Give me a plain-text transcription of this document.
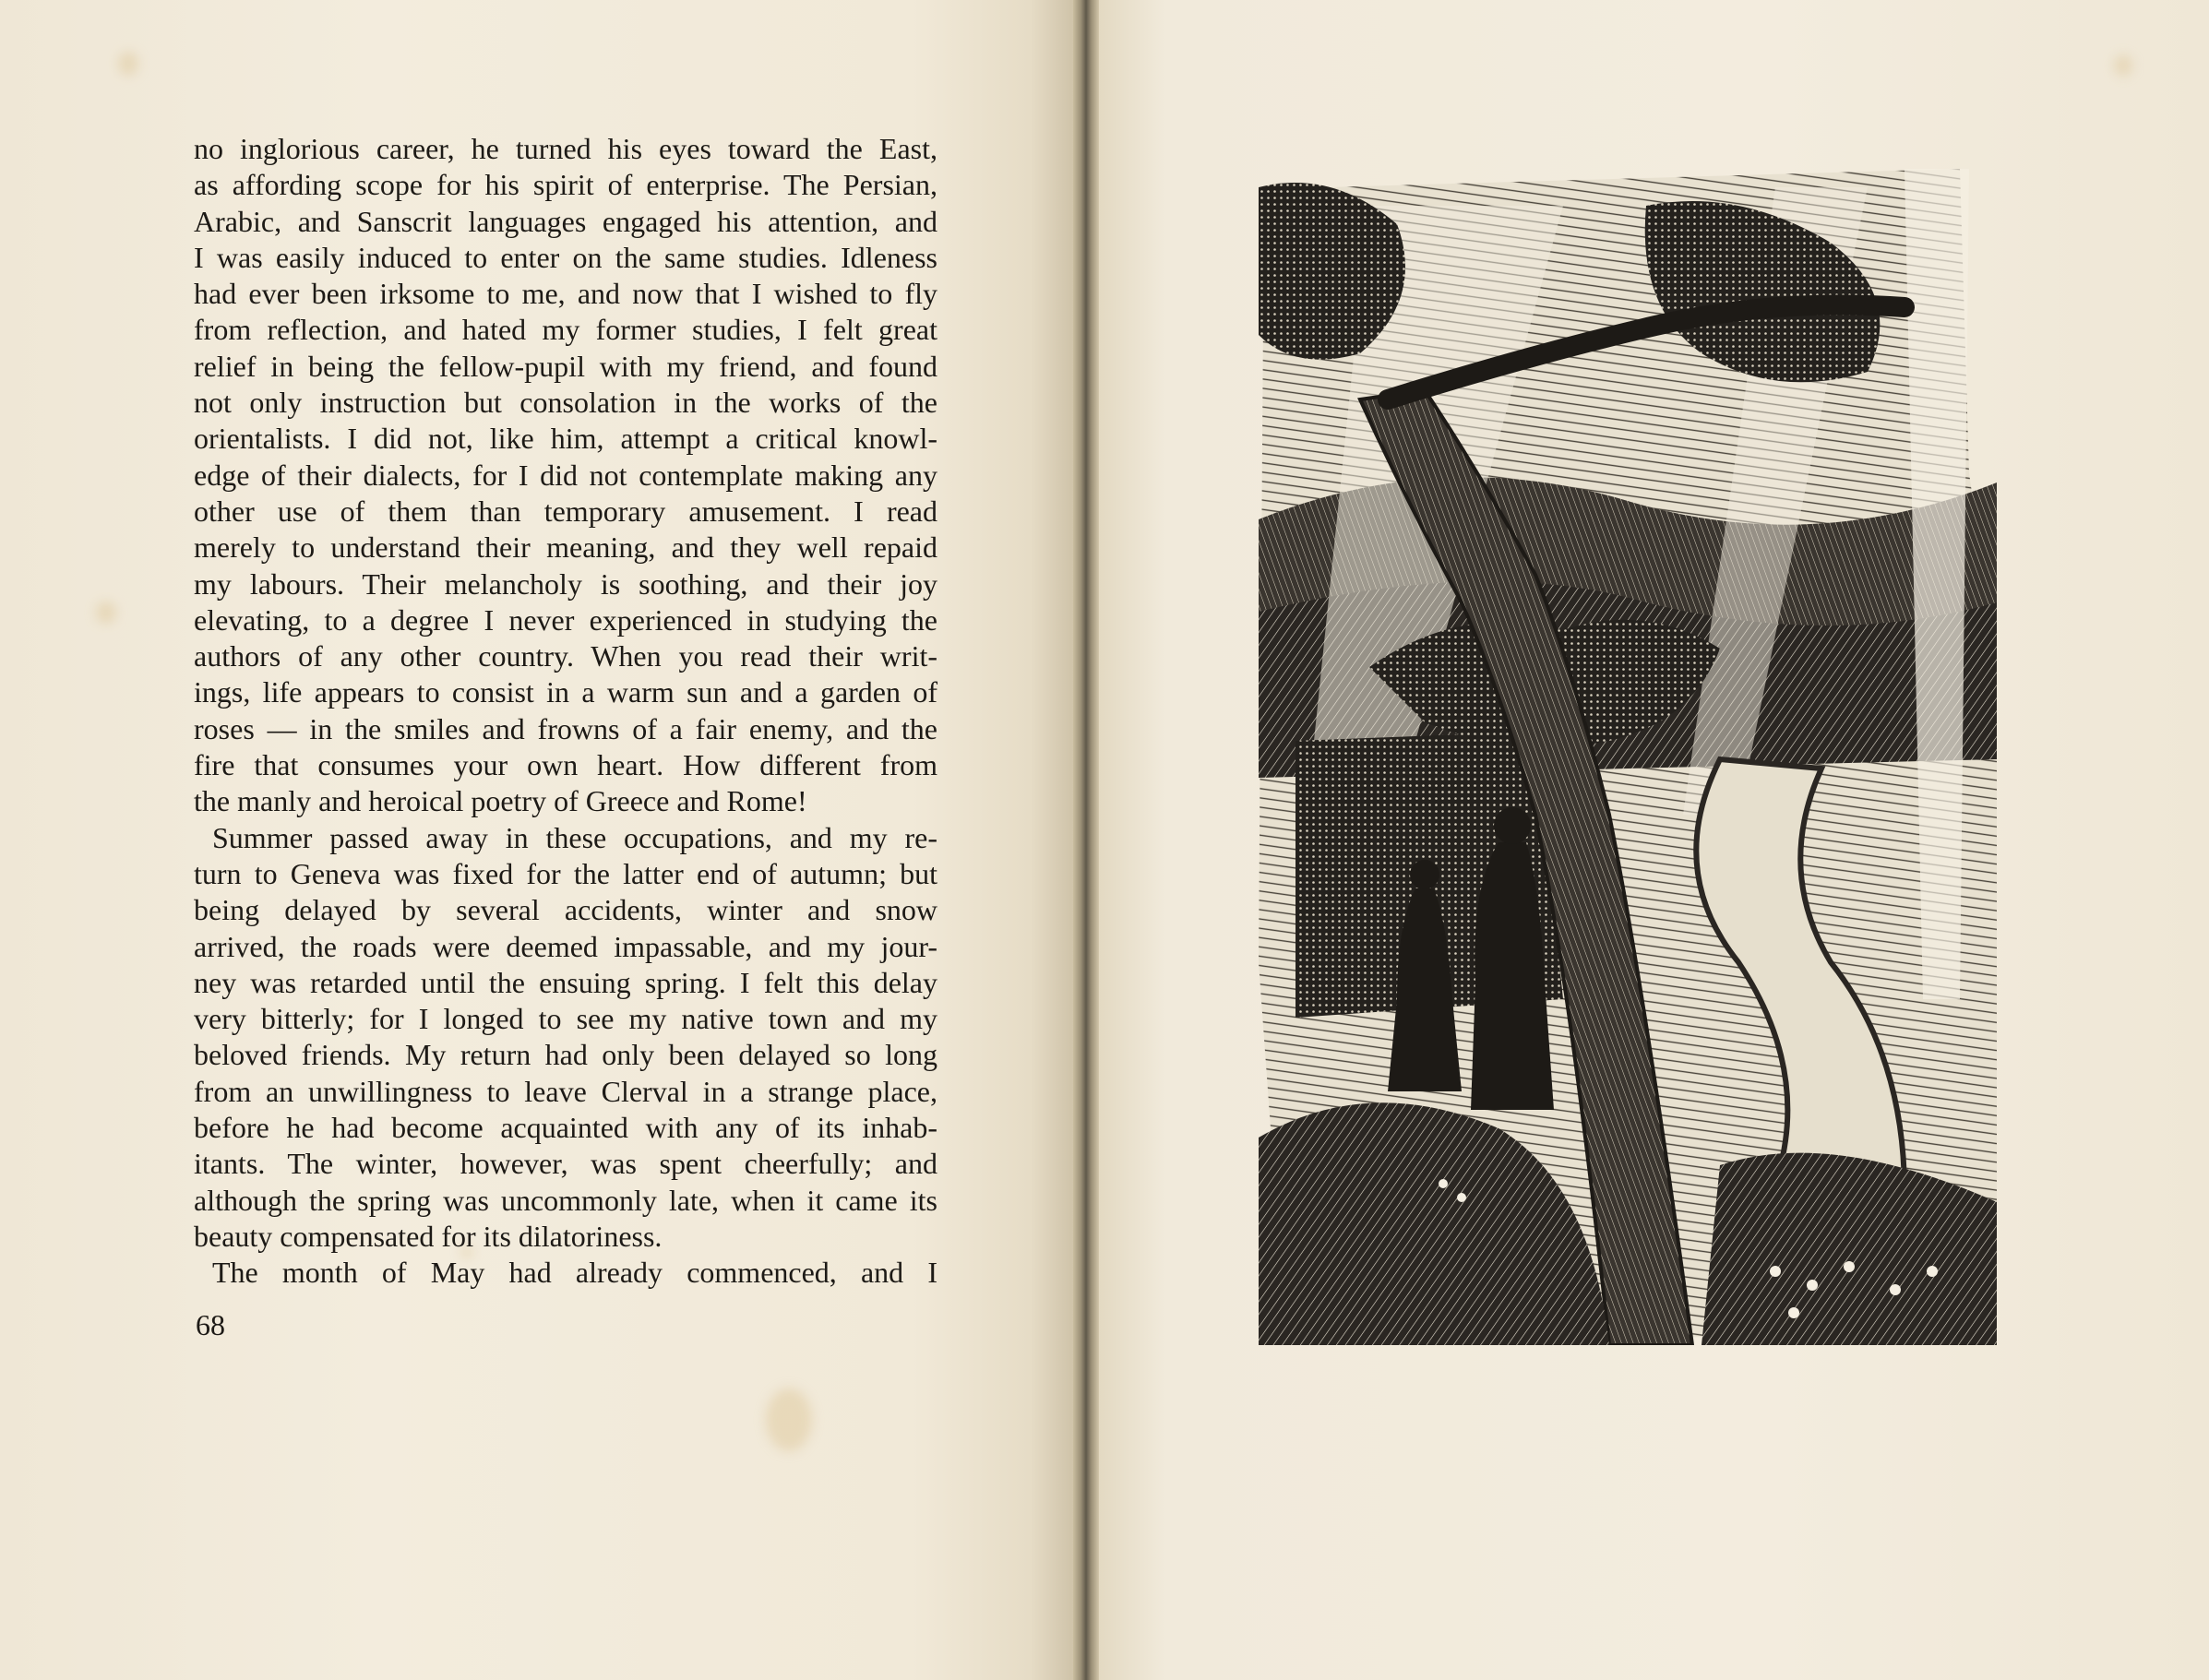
no inglorious career, he turned his eyes toward the East,
as affording scope for his spirit of enterprise. The Persian,
Arabic, and Sanscrit languages engaged his attention, and
I was easily induced to enter on the same studies. Idleness
had ever been irksome to me, and now that I wished to fly
from reflection, and hated my former studies, I felt great
relief in being the fellow-pupil with my friend, and found
not only instruction but consolation in the works of the
orientalists. I did not, like him, attempt a critical knowl-
edge of their dialects, for I did not contemplate making any
other use of them than temporary amusement. I read
merely to understand their meaning, and they well repaid
my labours. Their melancholy is soothing, and their joy
elevating, to a degree I never experienced in studying the
authors of any other country. When you read their writ-
ings, life appears to consist in a warm sun and a garden of
roses — in the smiles and frowns of a fair enemy, and the
fire that consumes your own heart. How different from
the manly and heroical poetry of Greece and Rome!
Summer passed away in these occupations, and my re-
turn to Geneva was fixed for the latter end of autumn; but
being delayed by several accidents, winter and snow
arrived, the roads were deemed impassable, and my jour-
ney was retarded until the ensuing spring. I felt this delay
very bitterly; for I longed to see my native town and my
beloved friends. My return had only been delayed so long
from an unwillingness to leave Clerval in a strange place,
before he had become acquainted with any of its inhab-
itants. The winter, however, was spent cheerfully; and
although the spring was uncommonly late, when it came its
beauty compensated for its dilatoriness.
The month of May had already commenced, and I
68
